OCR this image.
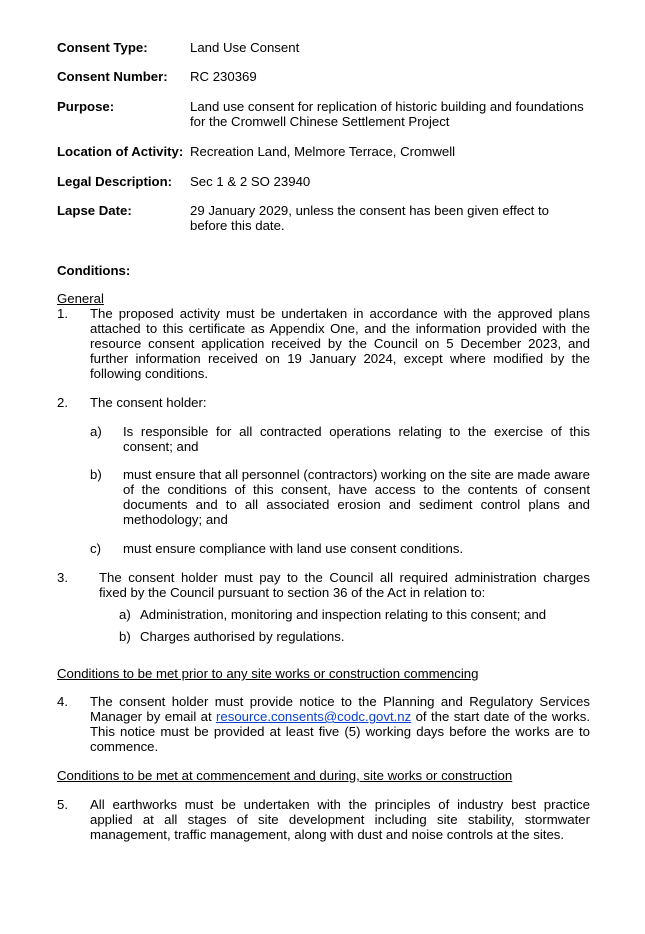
Consent Type:	Land Use Consent
Consent Number: RC 230369
Purpose:	Land use consent for replication of historic building and foundations for the Cromwell Chinese Settlement Project
Location of Activity: Recreation Land, Melmore Terrace, Cromwell
Legal Description: Sec 1 & 2 SO 23940
Lapse Date:	29 January 2029, unless the consent has been given effect to before this date.
Conditions:
General
1. The proposed activity must be undertaken in accordance with the approved plans attached to this certificate as Appendix One, and the information provided with the resource consent application received by the Council on 5 December 2023, and further information received on 19 January 2024, except where modified by the following conditions.
2. The consent holder:
a) Is responsible for all contracted operations relating to the exercise of this consent; and
b) must ensure that all personnel (contractors) working on the site are made aware of the conditions of this consent, have access to the contents of consent documents and to all associated erosion and sediment control plans and methodology; and
c) must ensure compliance with land use consent conditions.
3. The consent holder must pay to the Council all required administration charges fixed by the Council pursuant to section 36 of the Act in relation to:
a) Administration, monitoring and inspection relating to this consent; and
b) Charges authorised by regulations.
Conditions to be met prior to any site works or construction commencing
4. The consent holder must provide notice to the Planning and Regulatory Services Manager by email at resource.consents@codc.govt.nz of the start date of the works. This notice must be provided at least five (5) working days before the works are to commence.
Conditions to be met at commencement and during, site works or construction
5. All earthworks must be undertaken with the principles of industry best practice applied at all stages of site development including site stability, stormwater management, traffic management, along with dust and noise controls at the sites.
